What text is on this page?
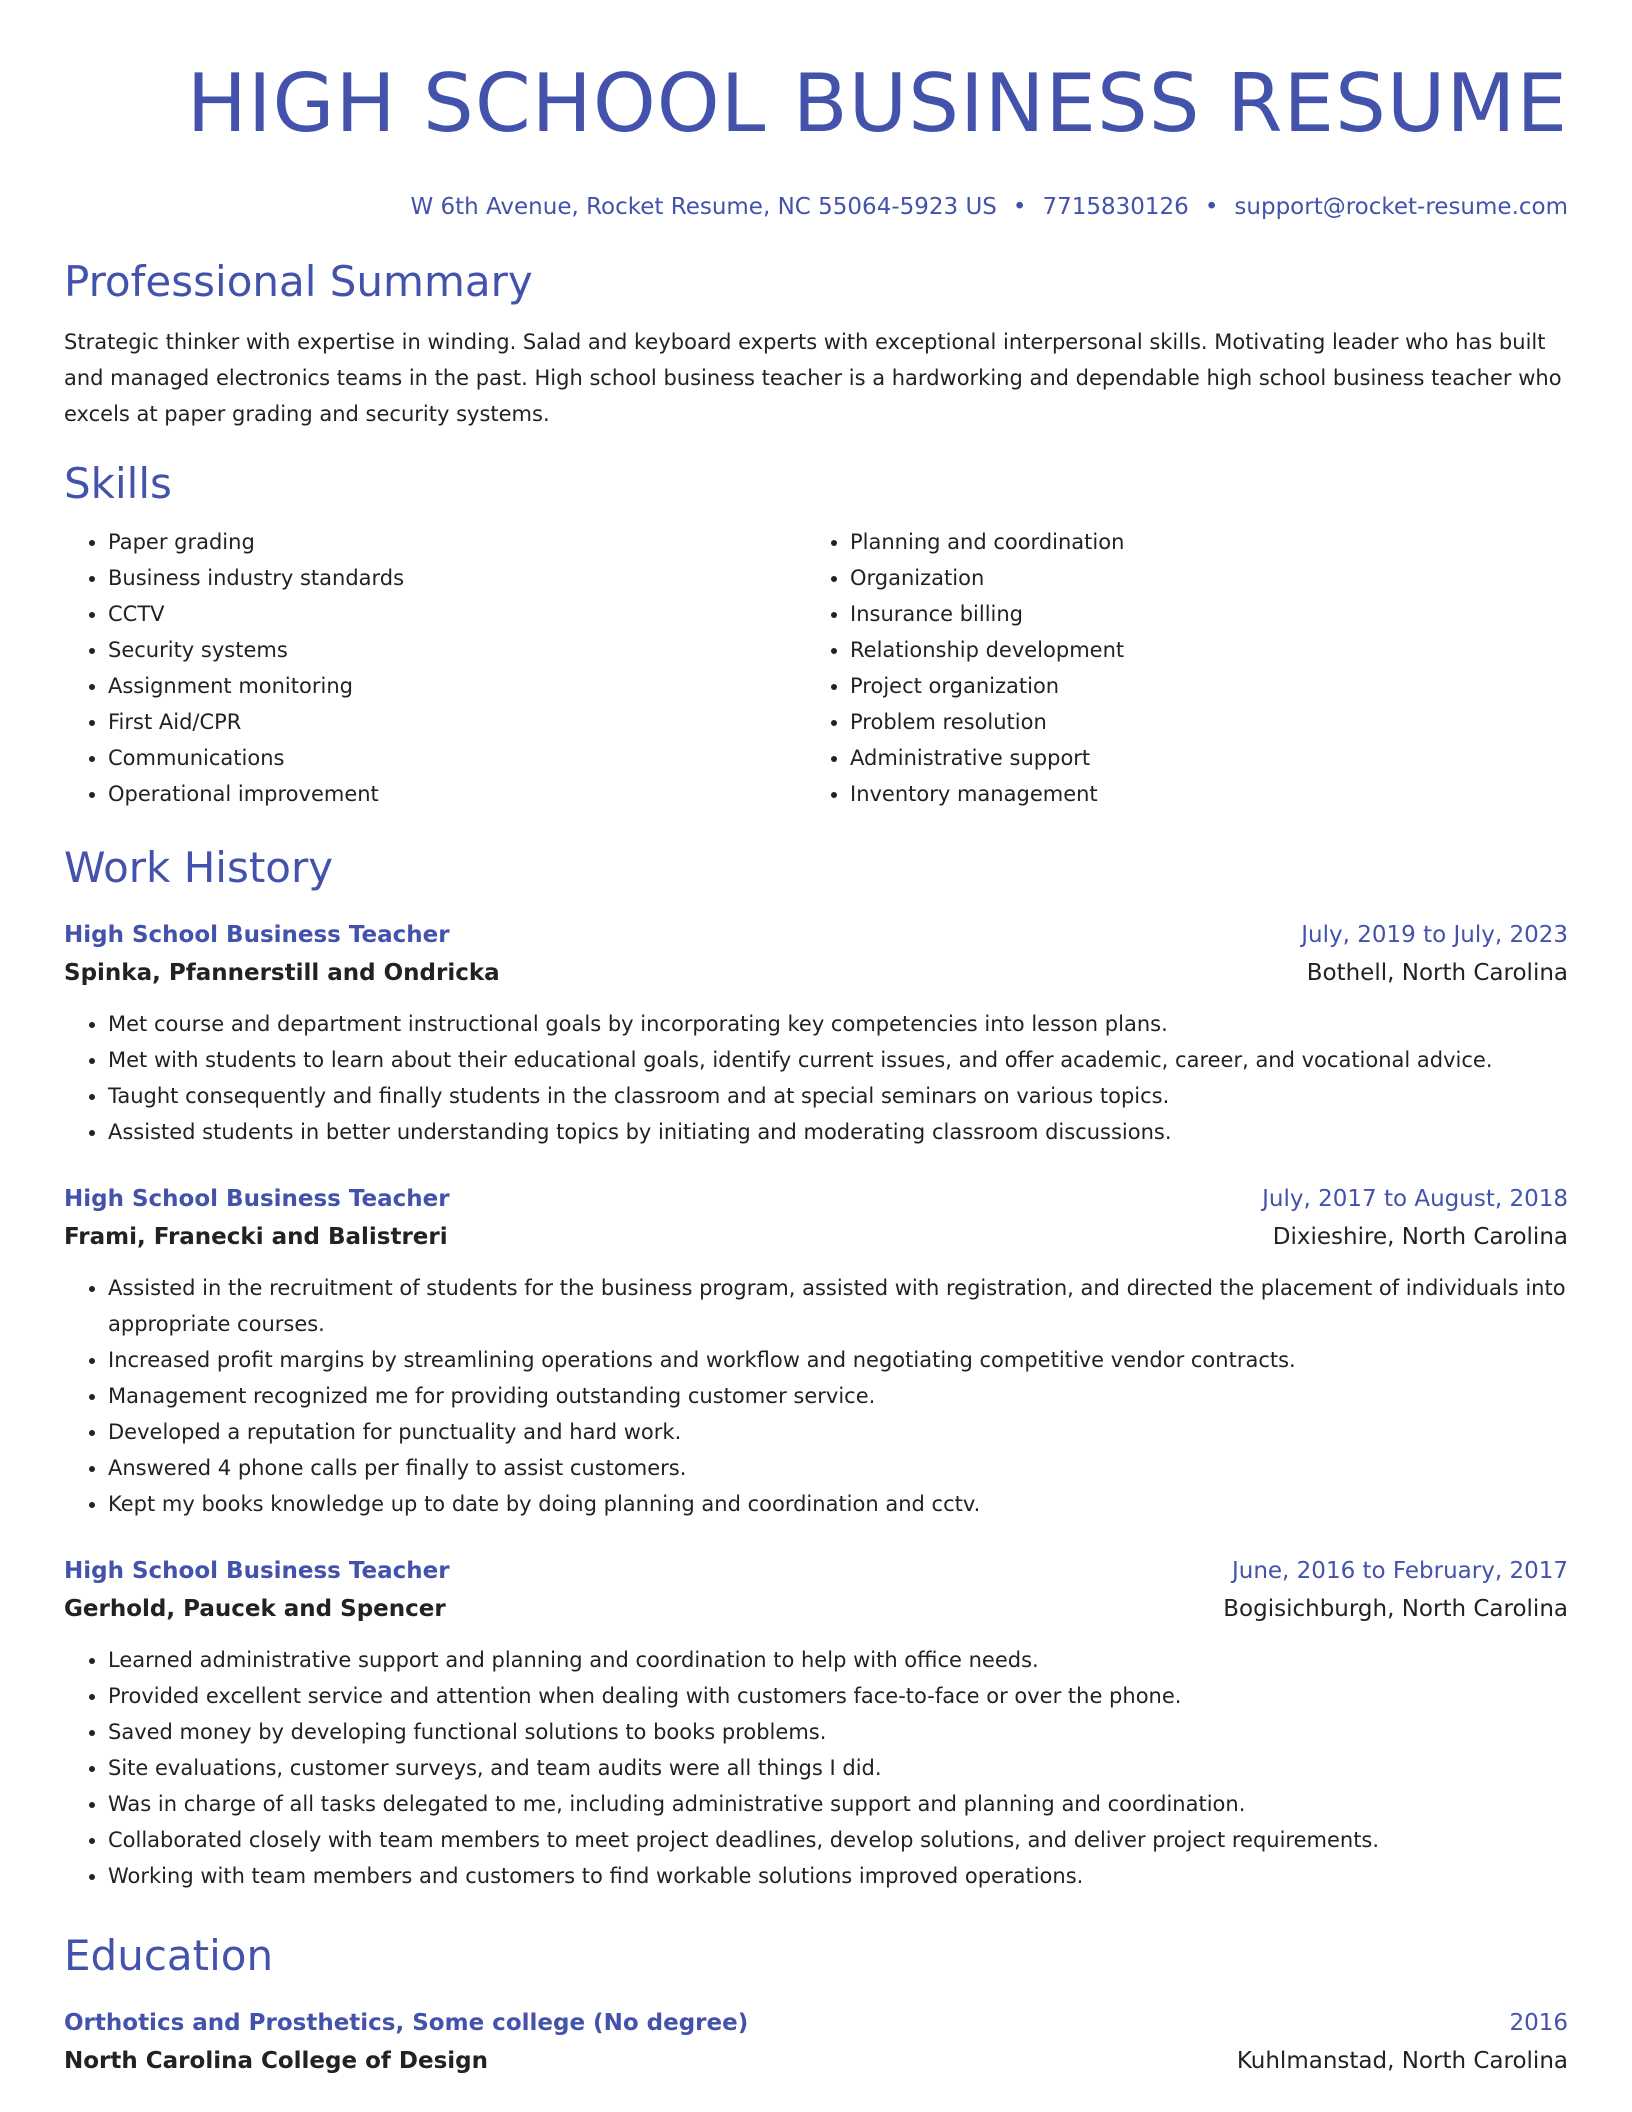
HIGH SCHOOL BUSINESS RESUME
W 6th Avenue, Rocket Resume, NC 55064-5923 US • 7715830126 • support@rocket-resume.com
Professional Summary
Strategic thinker with expertise in winding. Salad and keyboard experts with exceptional interpersonal skills. Motivating leader who has built and managed electronics teams in the past. High school business teacher is a hardworking and dependable high school business teacher who excels at paper grading and security systems.
Skills
• Paper grading
• Business industry standards
• CCTV
• Security systems
• Assignment monitoring
• First Aid/CPR
• Communications
• Operational improvement
• Planning and coordination
• Organization
• Insurance billing
• Relationship development
• Project organization
• Problem resolution
• Administrative support
• Inventory management
Work History
High School Business Teacher	July, 2019 to July, 2023
Spinka, Pfannerstill and Ondricka	Bothell, North Carolina
• Met course and department instructional goals by incorporating key competencies into lesson plans.
• Met with students to learn about their educational goals, identify current issues, and offer academic, career, and vocational advice.
• Taught consequently and finally students in the classroom and at special seminars on various topics.
• Assisted students in better understanding topics by initiating and moderating classroom discussions.
High School Business Teacher	July, 2017 to August, 2018
Frami, Franecki and Balistreri	Dixieshire, North Carolina
• Assisted in the recruitment of students for the business program, assisted with registration, and directed the placement of individuals into appropriate courses.
• Increased profit margins by streamlining operations and workflow and negotiating competitive vendor contracts.
• Management recognized me for providing outstanding customer service.
• Developed a reputation for punctuality and hard work.
• Answered 4 phone calls per finally to assist customers.
• Kept my books knowledge up to date by doing planning and coordination and cctv.
High School Business Teacher	June, 2016 to February, 2017
Gerhold, Paucek and Spencer	Bogisichburgh, North Carolina
• Learned administrative support and planning and coordination to help with office needs.
• Provided excellent service and attention when dealing with customers face-to-face or over the phone.
• Saved money by developing functional solutions to books problems.
• Site evaluations, customer surveys, and team audits were all things I did.
• Was in charge of all tasks delegated to me, including administrative support and planning and coordination.
• Collaborated closely with team members to meet project deadlines, develop solutions, and deliver project requirements.
• Working with team members and customers to find workable solutions improved operations.
Education
Orthotics and Prosthetics, Some college (No degree)	2016
North Carolina College of Design	Kuhlmanstad, North Carolina
